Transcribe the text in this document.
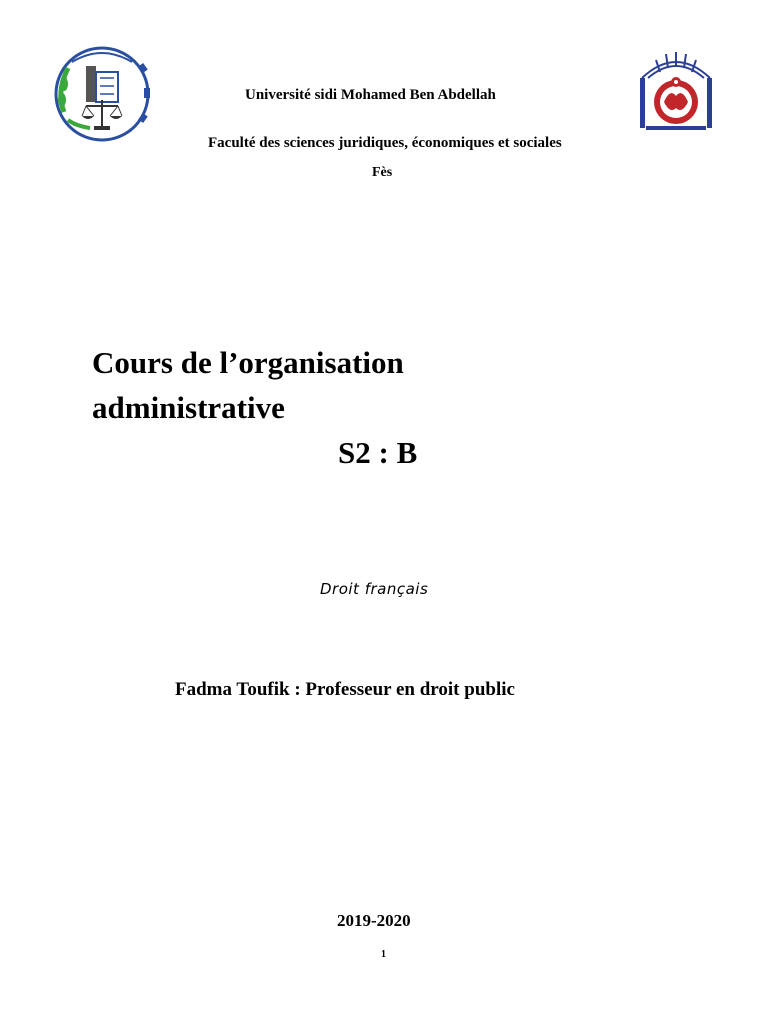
Université sidi Mohamed Ben Abdellah
Faculté des sciences juridiques, économiques et sociales
Fès
Cours de l’organisation
administrative
S2 : B
Droit français
Fadma Toufik : Professeur en droit public
2019-2020
1
